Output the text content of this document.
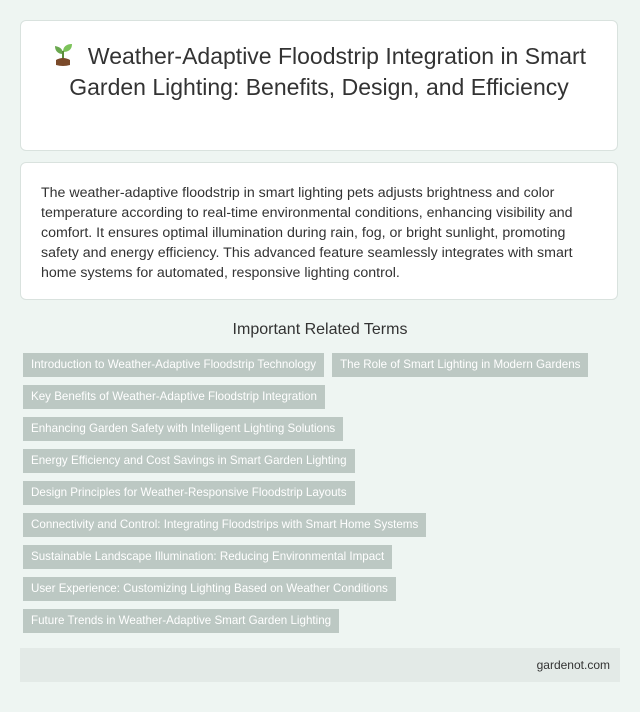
Weather-Adaptive Floodstrip Integration in Smart Garden Lighting: Benefits, Design, and Efficiency

The weather-adaptive floodstrip in smart lighting pets adjusts brightness and color temperature according to real-time environmental conditions, enhancing visibility and comfort. It ensures optimal illumination during rain, fog, or bright sunlight, promoting safety and energy efficiency. This advanced feature seamlessly integrates with smart home systems for automated, responsive lighting control.

Important Related Terms
Introduction to Weather-Adaptive Floodstrip Technology	The Role of Smart Lighting in Modern Gardens
Key Benefits of Weather-Adaptive Floodstrip Integration
Enhancing Garden Safety with Intelligent Lighting Solutions
Energy Efficiency and Cost Savings in Smart Garden Lighting
Design Principles for Weather-Responsive Floodstrip Layouts
Connectivity and Control: Integrating Floodstrips with Smart Home Systems
Sustainable Landscape Illumination: Reducing Environmental Impact
User Experience: Customizing Lighting Based on Weather Conditions
Future Trends in Weather-Adaptive Smart Garden Lighting
gardenot.com
